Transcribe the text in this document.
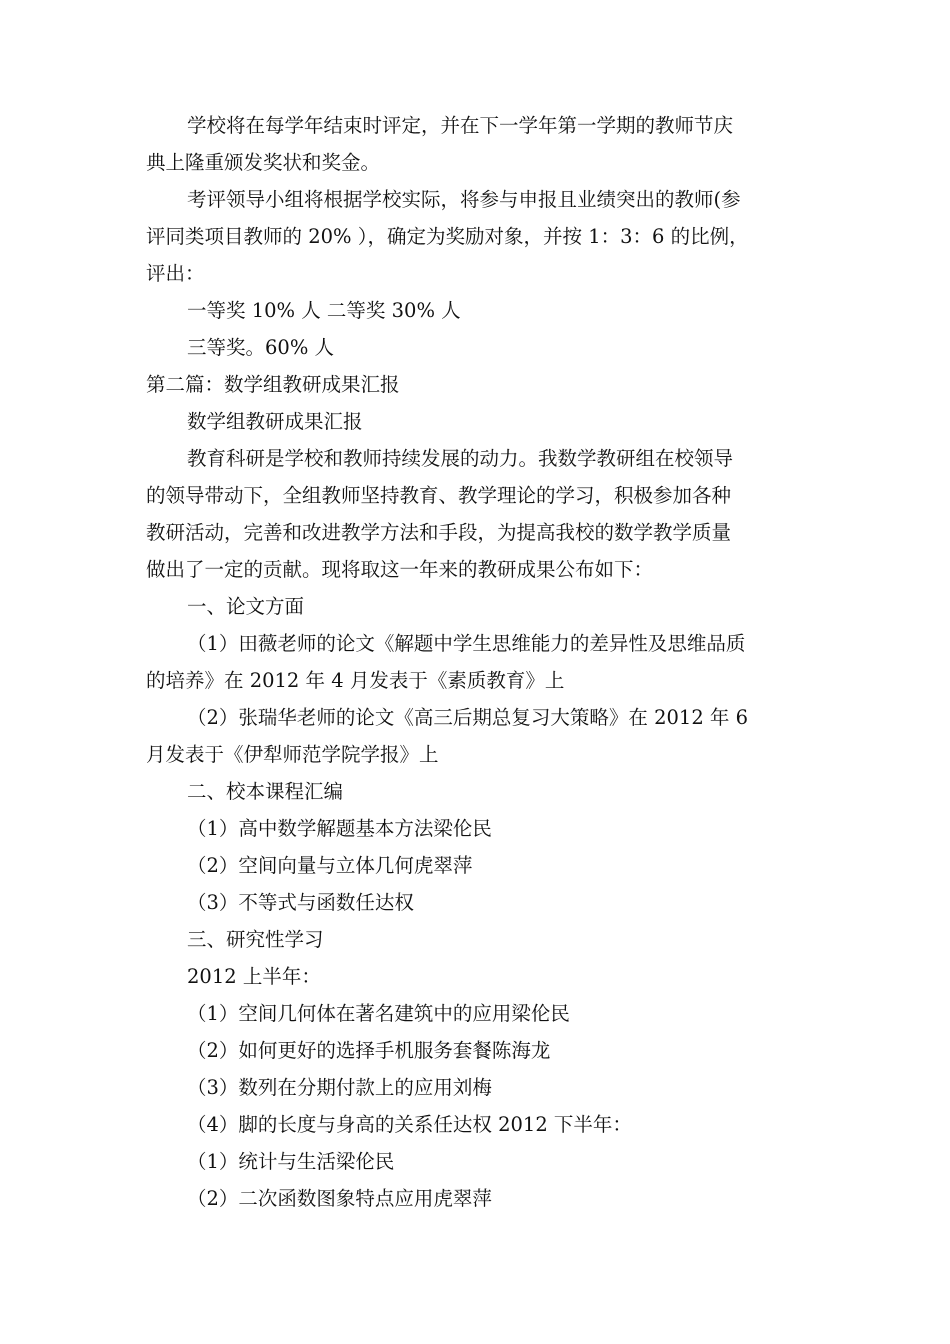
学校将在每学年结束时评定，并在下一学年第一学期的教师节庆

典上隆重颁发奖状和奖金。

考评领导小组将根据学校实际，将参与申报且业绩突出的教师(参

评同类项目教师的 20% ），确定为奖励对象，并按 1：3：6 的比例，

评出：

一等奖 10% 人 二等奖 30% 人

三等奖。60% 人

第二篇：数学组教研成果汇报

数学组教研成果汇报

教育科研是学校和教师持续发展的动力。我数学教研组在校领导

的领导带动下，全组教师坚持教育、教学理论的学习，积极参加各种

教研活动，完善和改进教学方法和手段，为提高我校的数学教学质量

做出了一定的贡献。现将取这一年来的教研成果公布如下：

一、论文方面

（1）田薇老师的论文《解题中学生思维能力的差异性及思维品质

的培养》在 2012 年 4 月发表于《素质教育》上

（2）张瑞华老师的论文《高三后期总复习大策略》在 2012 年 6

月发表于《伊犁师范学院学报》上

二、校本课程汇编

（1）高中数学解题基本方法梁伦民

（2）空间向量与立体几何虎翠萍

（3）不等式与函数任达权

三、研究性学习

2012 上半年：

（1）空间几何体在著名建筑中的应用梁伦民

（2）如何更好的选择手机服务套餐陈海龙

（3）数列在分期付款上的应用刘梅

（4）脚的长度与身高的关系任达权 2012 下半年：

（1）统计与生活梁伦民

（2）二次函数图象特点应用虎翠萍
